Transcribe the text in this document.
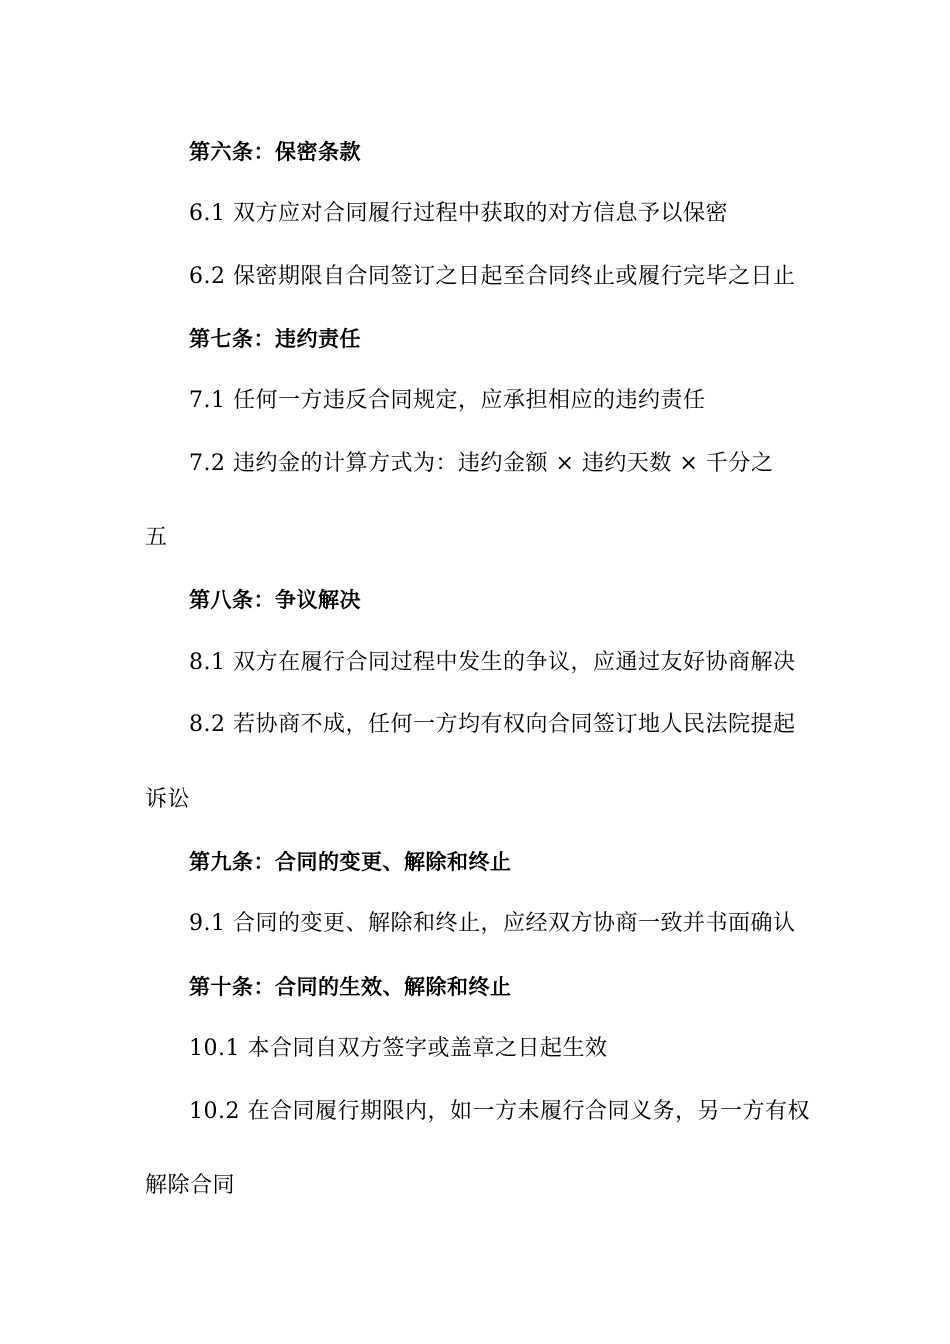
第六条：保密条款
6.1 双方应对合同履行过程中获取的对方信息予以保密
6.2 保密期限自合同签订之日起至合同终止或履行完毕之日止
第七条：违约责任
7.1 任何一方违反合同规定，应承担相应的违约责任
7.2 违约金的计算方式为：违约金额 × 违约天数 × 千分之
五
第八条：争议解决
8.1 双方在履行合同过程中发生的争议，应通过友好协商解决
8.2 若协商不成，任何一方均有权向合同签订地人民法院提起
诉讼
第九条：合同的变更、解除和终止
9.1 合同的变更、解除和终止，应经双方协商一致并书面确认
第十条：合同的生效、解除和终止
10.1 本合同自双方签字或盖章之日起生效
10.2 在合同履行期限内，如一方未履行合同义务，另一方有权
解除合同
